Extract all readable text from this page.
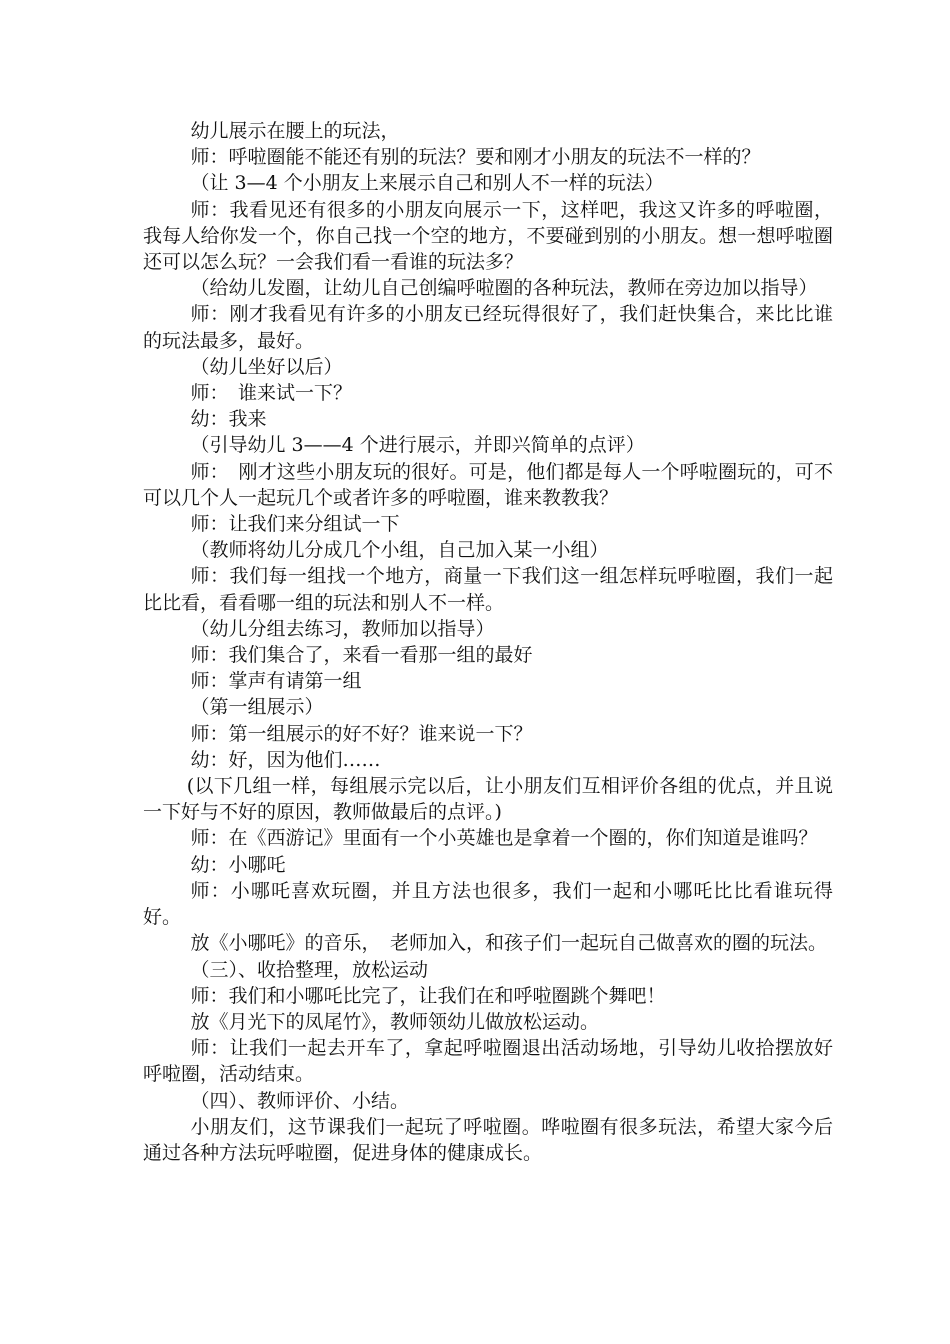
幼儿展示在腰上的玩法，

师：呼啦圈能不能还有别的玩法？要和刚才小朋友的玩法不一样的？

（让 3—4 个小朋友上来展示自己和别人不一样的玩法）

师：我看见还有很多的小朋友向展示一下，这样吧，我这又许多的呼啦圈，我每人给你发一个，你自己找一个空的地方，不要碰到别的小朋友。想一想呼啦圈还可以怎么玩？一会我们看一看谁的玩法多？

（给幼儿发圈，让幼儿自己创编呼啦圈的各种玩法，教师在旁边加以指导）

师：刚才我看见有许多的小朋友已经玩得很好了，我们赶快集合，来比比谁的玩法最多，最好。

（幼儿坐好以后）

师：　谁来试一下？

幼：我来

（引导幼儿 3——4 个进行展示，并即兴简单的点评）

师：　刚才这些小朋友玩的很好。可是，他们都是每人一个呼啦圈玩的，可不可以几个人一起玩几个或者许多的呼啦圈，谁来教教我？

师：让我们来分组试一下

（教师将幼儿分成几个小组，自己加入某一小组）

师：我们每一组找一个地方，商量一下我们这一组怎样玩呼啦圈，我们一起比比看，看看哪一组的玩法和别人不一样。

（幼儿分组去练习，教师加以指导）

师：我们集合了，来看一看那一组的最好

师：掌声有请第一组

（第一组展示）

师：第一组展示的好不好？谁来说一下？

幼：好，因为他们……

(以下几组一样，每组展示完以后，让小朋友们互相评价各组的优点，并且说一下好与不好的原因，教师做最后的点评。)

师：在《西游记》里面有一个小英雄也是拿着一个圈的，你们知道是谁吗？

幼：小哪吒

师：小哪吒喜欢玩圈，并且方法也很多，我们一起和小哪吒比比看谁玩得好。

放《小哪吒》的音乐，　老师加入，和孩子们一起玩自己做喜欢的圈的玩法。

（三）、收拾整理，放松运动

师：我们和小哪吒比完了，让我们在和呼啦圈跳个舞吧！

放《月光下的凤尾竹》，教师领幼儿做放松运动。

师：让我们一起去开车了，拿起呼啦圈退出活动场地，引导幼儿收拾摆放好呼啦圈，活动结束。

（四）、教师评价、小结。

小朋友们，这节课我们一起玩了呼啦圈。哗啦圈有很多玩法，希望大家今后通过各种方法玩呼啦圈，促进身体的健康成长。
